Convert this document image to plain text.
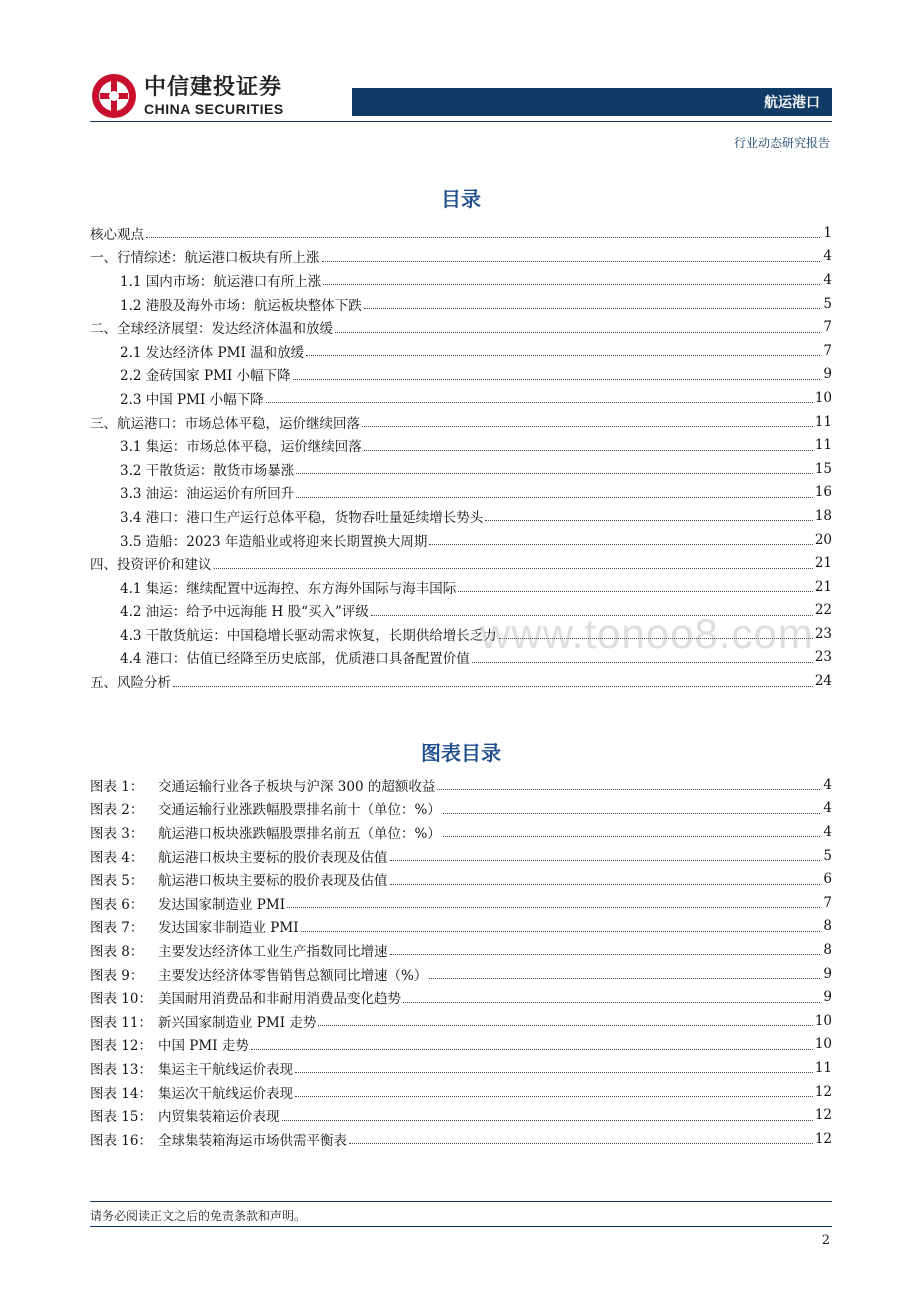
中信建投证券
CHINA SECURITIES	航运港口
行业动态研究报告
目录
核心观点	1
一、行情综述：航运港口板块有所上涨	4
1.1 国内市场：航运港口有所上涨	4
1.2 港股及海外市场：航运板块整体下跌	5
二、全球经济展望：发达经济体温和放缓	7
2.1 发达经济体 PMI 温和放缓	7
2.2 金砖国家 PMI 小幅下降	9
2.3 中国 PMI 小幅下降	10
三、航运港口：市场总体平稳，运价继续回落	11
3.1 集运：市场总体平稳，运价继续回落	11
3.2 干散货运：散货市场暴涨	15
3.3 油运：油运运价有所回升	16
3.4 港口：港口生产运行总体平稳，货物吞吐量延续增长势头	18
3.5 造船：2023 年造船业或将迎来长期置换大周期	20
四、投资评价和建议	21
4.1 集运：继续配置中远海控、东方海外国际与海丰国际	21
4.2 油运：给予中远海能 H 股“买入”评级	22
4.3 干散货航运：中国稳增长驱动需求恢复，长期供给增长乏力	23
4.4 港口：估值已经降至历史底部，优质港口具备配置价值	23
五、风险分析	24
图表目录
图表 1：	交通运输行业各子板块与沪深 300 的超额收益	4
图表 2：	交通运输行业涨跌幅股票排名前十（单位：%）	4
图表 3：	航运港口板块涨跌幅股票排名前五（单位：%）	4
图表 4：	航运港口板块主要标的股价表现及估值	5
图表 5：	航运港口板块主要标的股价表现及估值	6
图表 6：	发达国家制造业 PMI	7
图表 7：	发达国家非制造业 PMI	8
图表 8：	主要发达经济体工业生产指数同比增速	8
图表 9：	主要发达经济体零售销售总额同比增速（%）	9
图表 10： 美国耐用消费品和非耐用消费品变化趋势	9
图表 11： 新兴国家制造业 PMI 走势	10
图表 12： 中国 PMI 走势	10
图表 13： 集运主干航线运价表现	11
图表 14： 集运次干航线运价表现	12
图表 15： 内贸集装箱运价表现	12
图表 16： 全球集装箱海运市场供需平衡表	12
www.tonoo8.com
请务必阅读正文之后的免责条款和声明。
2
